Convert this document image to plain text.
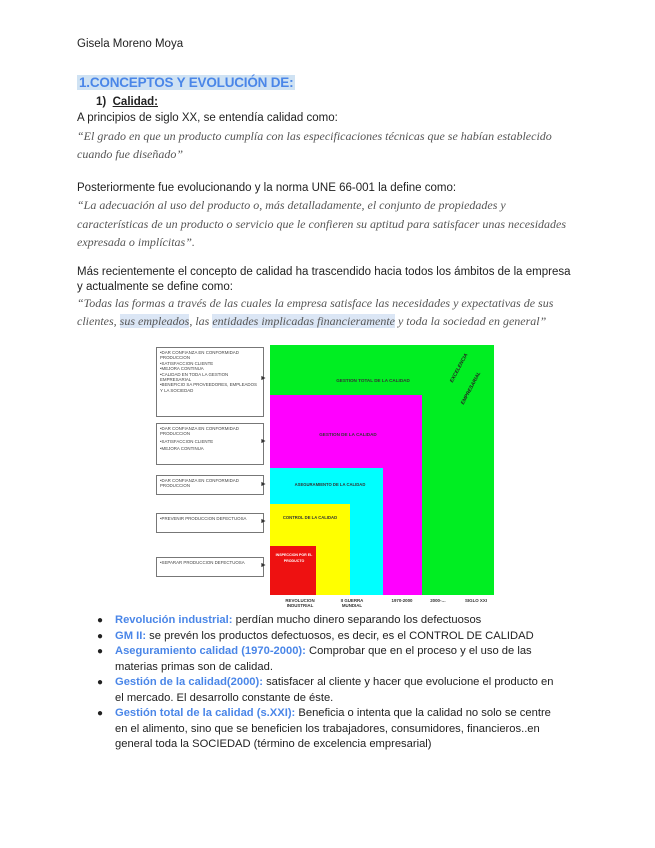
Gisela Moreno Moya
1.CONCEPTOS Y EVOLUCIÓN DE:
1) Calidad:
A principios de siglo XX, se entendía calidad como:
“El grado en que un producto cumplía con las especificaciones técnicas que se habían establecido cuando fue diseñado”
Posteriormente fue evolucionando y la norma UNE 66-001 la define como:
“La adecuación al uso del producto o, más detalladamente, el conjunto de propiedades y características de un producto o servicio que le confieren su aptitud para satisfacer unas necesidades expresada o implícitas”.
Más recientemente el concepto de calidad ha trascendido hacia todos los ámbitos de la empresa y actualmente se define como:
“Todas las formas a través de las cuales la empresa satisface las necesidades y expectativas de sus clientes, sus empleados, las entidades implicadas financieramente y toda la sociedad en general”
•DAR CONFIANZA EN CONFORMIDAD PRODUCCION
•SATISFACCION CLIENTE
•MEJORA CONTINUA
•CALIDAD EN TODA LA GESTION EMPRESARIAL
•BENEFICIO SA PROVEEDORES, EMPLEADOS Y LA SOCIEDAD
►
•DAR CONFIANZA EN CONFORMIDAD PRODUCCION
•SATISFACCION CLIENTE
•MEJORA CONTINUA
►
•DAR CONFIANZA EN CONFORMIDAD PRODUCCION	►
•PREVENIR PRODUCCION DEFECTUOSA	►
•SEPARAR PRODUCCION DEFECTUOSA	►
GESTION TOTAL DE LA CALIDAD
GESTION DE LA CALIDAD
ASEGURAMIENTO DE LA CALIDAD
CONTROL DE LA CALIDAD
INSPECCION POR EL PRODUCTO
EXCELENCIA
EMPRESARIAL
REVOLUCION INDUSTRIAL
II GUERRA MUNDIAL
1970-2000	2000-…	SIGLO XXI
● Revolución industrial: perdían mucho dinero separando los defectuosos
● GM II: se prevén los productos defectuosos, es decir, es el CONTROL DE CALIDAD
● Aseguramiento calidad (1970-2000): Comprobar que en el proceso y el uso de las materias primas son de calidad.
● Gestión de la calidad(2000): satisfacer al cliente y hacer que evolucione el producto en el mercado. El desarrollo constante de éste.
● Gestión total de la calidad (s.XXI): Beneficia o intenta que la calidad no solo se centre en el alimento, sino que se beneficien los trabajadores, consumidores, financieros..en general toda la SOCIEDAD (término de excelencia empresarial)
